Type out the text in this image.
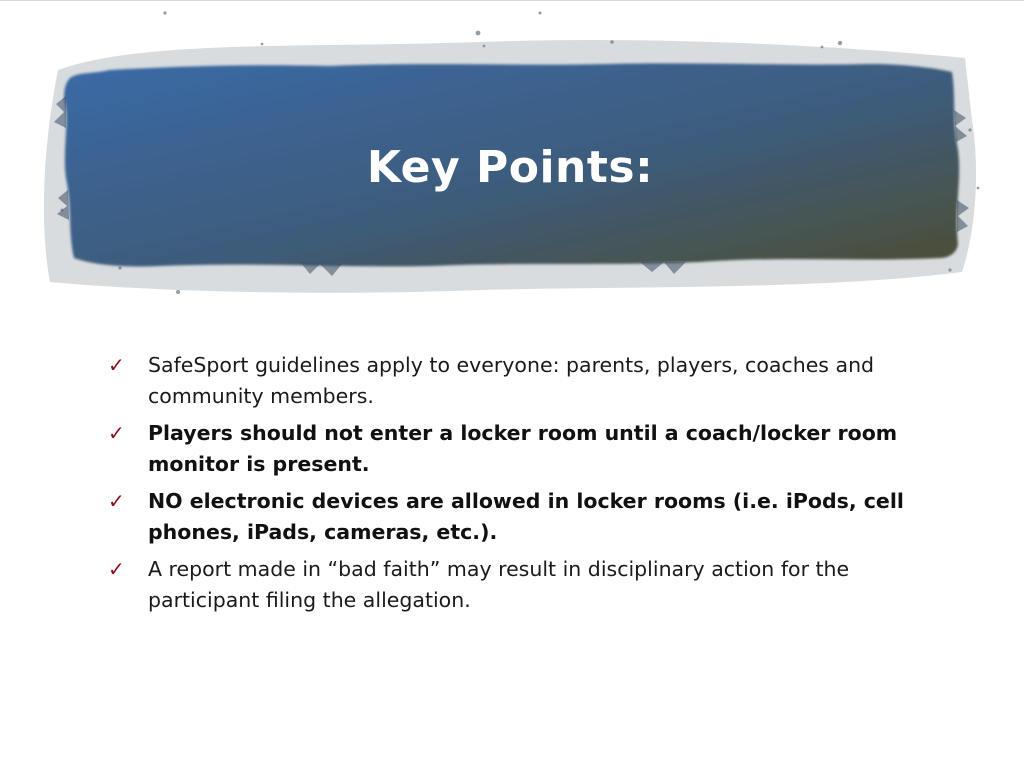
Key Points:
✓	SafeSport guidelines apply to everyone: parents, players, coaches and community members.
✓	Players should not enter a locker room until a coach/locker room monitor is present.
✓	NO electronic devices are allowed in locker rooms (i.e. iPods, cell phones, iPads, cameras, etc.).
✓	A report made in “bad faith” may result in disciplinary action for the participant filing the allegation.
